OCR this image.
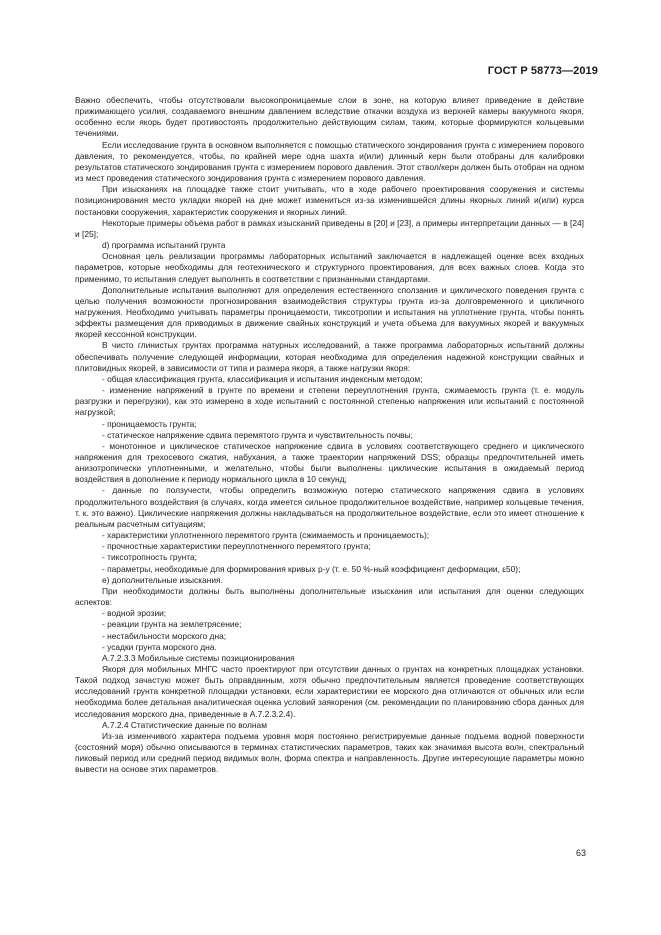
ГОСТ Р 58773—2019

Важно обеспечить, чтобы отсутствовали высокопроницаемые слои в зоне, на которую влияет приведение в действие прижимающего усилия, создаваемого внешним давлением вследствие откачки воздуха из верхней камеры вакуумного якоря, особенно если якорь будет противостоять продолжительно действующим силам, таким, которые формируются кольцевыми течениями.

Если исследование грунта в основном выполняется с помощью статического зондирования грунта с измерением порового давления, то рекомендуется, чтобы, по крайней мере одна шахта и(или) длинный керн были отобраны для калибровки результатов статического зондирования грунта с измерением порового давления. Этот ствол/керн должен быть отобран на одном из мест проведения статического зондирования грунта с измерением порового давления.

При изысканиях на площадке также стоит учитывать, что в ходе рабочего проектирования сооружения и системы позиционирования место укладки якорей на дне может измениться из-за изменившейся длины якорных линий и(или) курса постановки сооружения, характеристик сооружения и якорных линий.

Некоторые примеры объема работ в рамках изысканий приведены в [20] и [23], а примеры интерпретации данных — в [24] и [25];

d) программа испытаний грунта

Основная цель реализации программы лабораторных испытаний заключается в надлежащей оценке всех входных параметров, которые необходимы для геотехнического и структурного проектирования, для всех важных слоев. Когда это применимо, то испытания следует выполнять в соответствии с признанными стандартами.

Дополнительные испытания выполняют для определения естественного сползания и циклического поведения грунта с целью получения возможности прогнозирования взаимодействия структуры грунта из-за долговременного и цикличного нагружения. Необходимо учитывать параметры проницаемости, тиксотропии и испытания на уплотнение грунта, чтобы понять эффекты размещения для приводимых в движение свайных конструкций и учета объема для вакуумных якорей и вакуумных якорей кессонной конструкции.

В чисто глинистых грунтах программа натурных исследований, а также программа лабораторных испытаний должны обеспечивать получение следующей информации, которая необходима для определения надежной конструкции свайных и плитовидных якорей, в зависимости от типа и размера якоря, а также нагрузки якоря:

- общая классификация грунта, классификация и испытания индексным методом;

- изменение напряжений в грунте по времени и степени переуплотнения грунта, сжимаемость грунта (т. е. модуль разгрузки и перегрузки), как это измерено в ходе испытаний с постоянной степенью напряжения или испытаний с постоянной нагрузкой;

- проницаемость грунта;

- статическое напряжение сдвига перемятого грунта и чувствительность почвы;

- монотонное и циклическое статическое напряжение сдвига в условиях соответствующего среднего и циклического напряжения для трехосевого сжатия, набухания, а также траектории напряжений DSS; образцы предпочтительней иметь анизотропически уплотненными, и желательно, чтобы были выполнены циклические испытания в ожидаемый период воздействия в дополнение к периоду нормального цикла в 10 секунд;

- данные по ползучести, чтобы определить возможную потерю статического напряжения сдвига в условиях продолжительного воздействия (в случаях, когда имеется сильное продолжительное воздействие, например кольцевые течения, т. к. это важно). Циклические напряжения должны накладываться на продолжительное воздействие, если это имеет отношение к реальным расчетным ситуациям;

- характеристики уплотненного перемятого грунта (сжимаемость и проницаемость);

- прочностные характеристики переуплотненного перемятого грунта;

- тиксотропность грунта;

- параметры, необходимые для формирования кривых p-y (т. е. 50 %-ный коэффициент деформации, ε50);

е) дополнительные изыскания.

При необходимости должны быть выполнены дополнительные изыскания или испытания для оценки следующих аспектов:

- водной эрозии;

- реакции грунта на землетрясение;

- нестабильности морского дна;

- усадки грунта морского дна.

А.7.2.3.3 Мобильные системы позиционирования

Якоря для мобильных МНГС часто проектируют при отсутствии данных о грунтах на конкретных площадках установки. Такой подход зачастую может быть оправданным, хотя обычно предпочтительным является проведение соответствующих исследований грунта конкретной площадки установки, если характеристики ее морского дна отличаются от обычных или если необходима более детальная аналитическая оценка условий заякорения (см. рекомендации по планированию сбора данных для исследования морского дна, приведенные в А.7.2.3.2.4).

А.7.2.4 Статистические данные по волнам

Из-за изменчивого характера подъема уровня моря постоянно регистрируемые данные подъема водной поверхности (состояний моря) обычно описываются в терминах статистических параметров, таких как значимая высота волн, спектральный пиковый период или средний период видимых волн, форма спектра и направленность. Другие интересующие параметры можно вывести на основе этих параметров.

63
